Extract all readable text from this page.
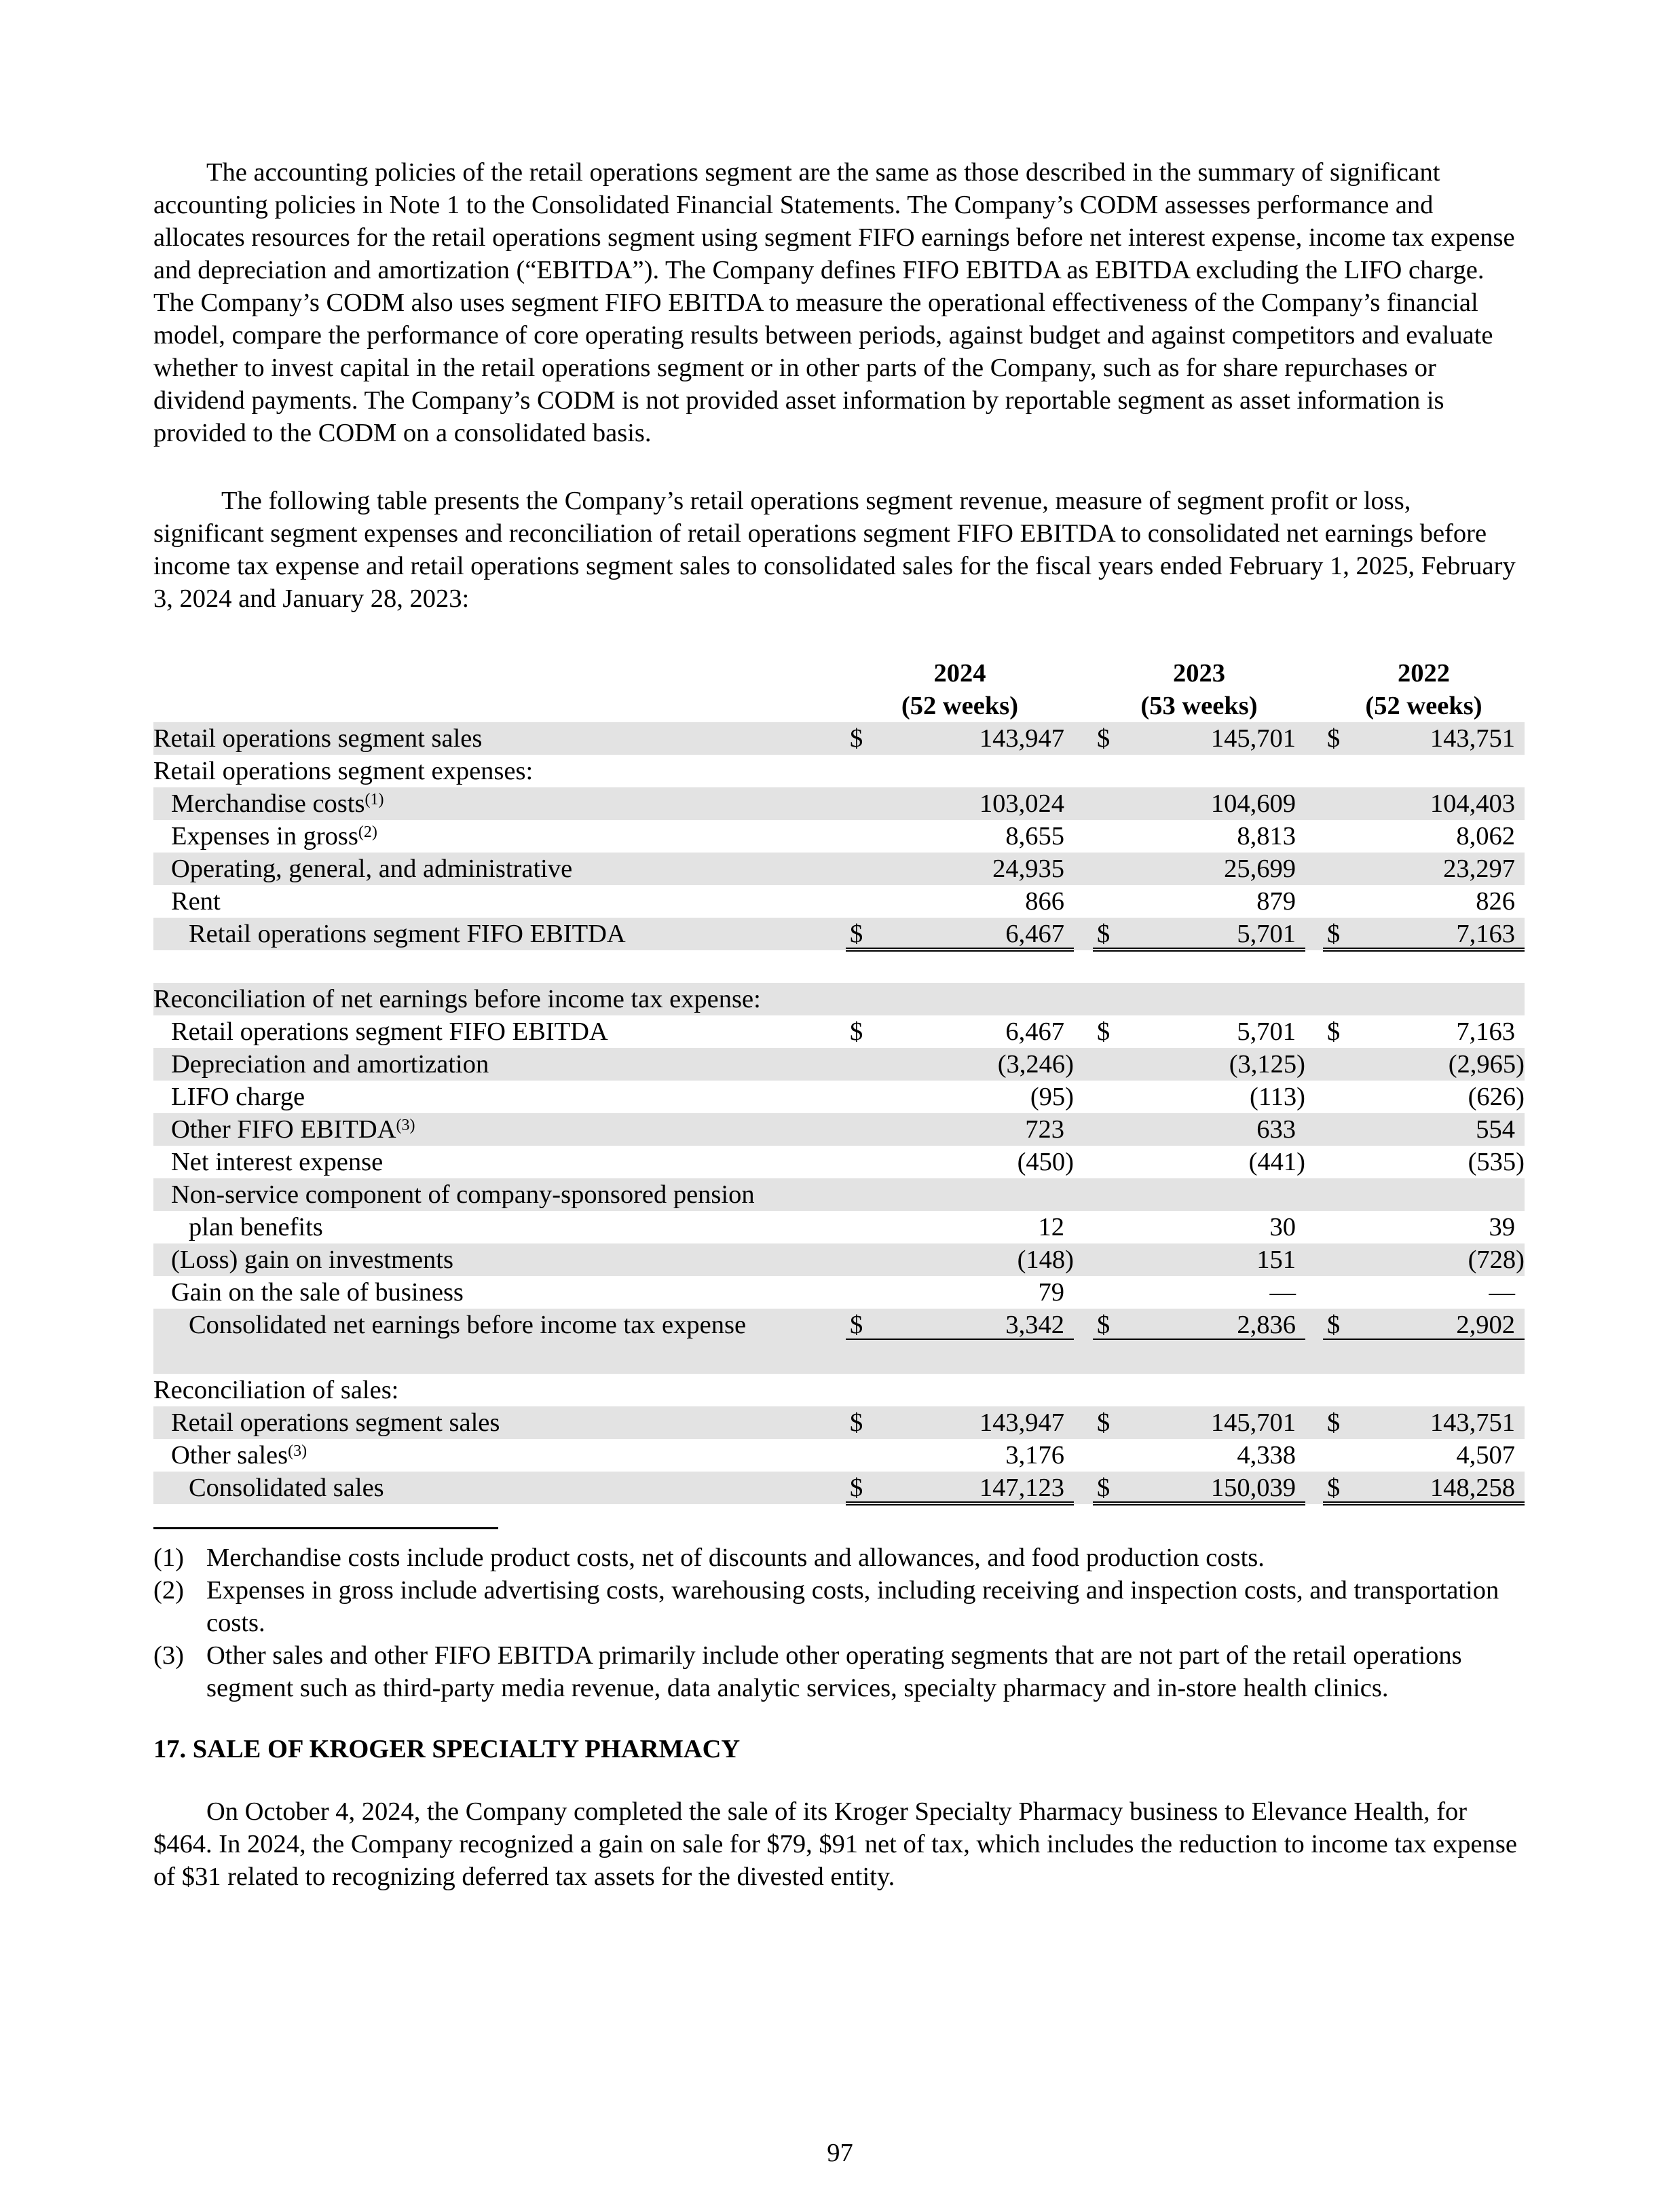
The accounting policies of the retail operations segment are the same as those described in the summary of significant accounting policies in Note 1 to the Consolidated Financial Statements. The Company’s CODM assesses performance and allocates resources for the retail operations segment using segment FIFO earnings before net interest expense, income tax expense and depreciation and amortization (“EBITDA”). The Company defines FIFO EBITDA as EBITDA excluding the LIFO charge. The Company’s CODM also uses segment FIFO EBITDA to measure the operational effectiveness of the Company’s financial model, compare the performance of core operating results between periods, against budget and against competitors and evaluate whether to invest capital in the retail operations segment or in other parts of the Company, such as for share repurchases or dividend payments. The Company’s CODM is not provided asset information by reportable segment as asset information is provided to the CODM on a consolidated basis.

The following table presents the Company’s retail operations segment revenue, measure of segment profit or loss, significant segment expenses and reconciliation of retail operations segment FIFO EBITDA to consolidated net earnings before income tax expense and retail operations segment sales to consolidated sales for the fiscal years ended February 1, 2025, February 3, 2024 and January 28, 2023:

2024
(52 weeks)
2023
(53 weeks)
2022
(52 weeks)
Retail operations segment sales	$	143,947 $	145,701 $	143,751
Retail operations segment expenses:
Merchandise costs$^{(1)}$	103,024	104,609	104,403
Expenses in gross$^{(2)}$	8,655	8,813	8,062
Operating, general, and administrative	24,935	25,699	23,297
Rent	866	879	826
Retail operations segment FIFO EBITDA	$	6,467 $	5,701 $	7,163
Reconciliation of net earnings before income tax expense:
Retail operations segment FIFO EBITDA	$	6,467 $	5,701 $	7,163
Depreciation and amortization	(3,246)	(3,125)	(2,965)
LIFO charge	(95)	(113)	(626)
Other FIFO EBITDA$^{(3)}$	723	633	554
Net interest expense	(450)	(441)	(535)
Non-service component of company-sponsored pension
plan benefits	12	30	39
(Loss) gain on investments	(148)	151	(728)
Gain on the sale of business	79	—	—
Consolidated net earnings before income tax expense	$	3,342 $	2,836 $	2,902
Reconciliation of sales:
Retail operations segment sales	$	143,947 $	145,701 $	143,751
Other sales$^{(3)}$	3,176	4,338	4,507
Consolidated sales	$	147,123 $	150,039 $	148,258
(1) Merchandise costs include product costs, net of discounts and allowances, and food production costs.
(2) Expenses in gross include advertising costs, warehousing costs, including receiving and inspection costs, and transportation costs.
(3) Other sales and other FIFO EBITDA primarily include other operating segments that are not part of the retail operations segment such as third-party media revenue, data analytic services, specialty pharmacy and in-store health clinics.
17. SALE OF KROGER SPECIALTY PHARMACY

On October 4, 2024, the Company completed the sale of its Kroger Specialty Pharmacy business to Elevance Health, for $464. In 2024, the Company recognized a gain on sale for $79, $91 net of tax, which includes the reduction to income tax expense of $31 related to recognizing deferred tax assets for the divested entity.

97
